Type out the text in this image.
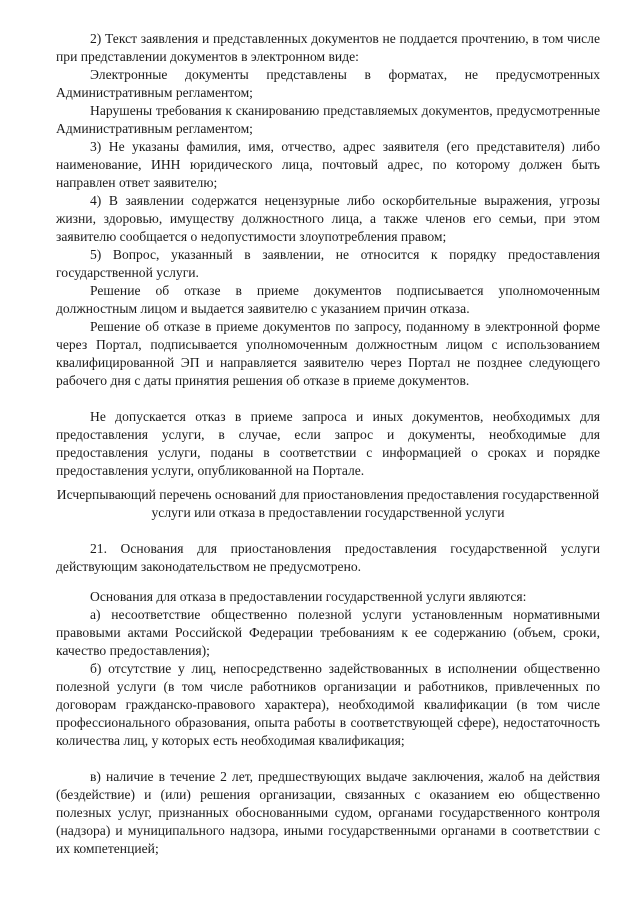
2) Текст заявления и представленных документов не поддается прочтению, в том числе при представлении документов в электронном виде:

Электронные документы представлены в форматах, не предусмотренных Административным регламентом;

Нарушены требования к сканированию представляемых документов, предусмотренные Административным регламентом;

3) Не указаны фамилия, имя, отчество, адрес заявителя (его представителя) либо наименование, ИНН юридического лица, почтовый адрес, по которому должен быть направлен ответ заявителю;

4) В заявлении содержатся нецензурные либо оскорбительные выражения, угрозы жизни, здоровью, имуществу должностного лица, а также членов его семьи, при этом заявителю сообщается о недопустимости злоупотребления правом;

5) Вопрос, указанный в заявлении, не относится к порядку предоставления государственной услуги.

Решение об отказе в приеме документов подписывается уполномоченным должностным лицом и выдается заявителю с указанием причин отказа.

Решение об отказе в приеме документов по запросу, поданному в электронной форме через Портал, подписывается уполномоченным должностным лицом с использованием квалифицированной ЭП и направляется заявителю через Портал не позднее следующего рабочего дня с даты принятия решения об отказе в приеме документов.

Не допускается отказ в приеме запроса и иных документов, необходимых для предоставления услуги, в случае, если запрос и документы, необходимые для предоставления услуги, поданы в соответствии с информацией о сроках и порядке предоставления услуги, опубликованной на Портале.

Исчерпывающий перечень оснований для приостановления предоставления государственной услуги или отказа в предоставлении государственной услуги

21. Основания для приостановления предоставления государственной услуги действующим законодательством не предусмотрено.

Основания для отказа в предоставлении государственной услуги являются:

а) несоответствие общественно полезной услуги установленным нормативными правовыми актами Российской Федерации требованиям к ее содержанию (объем, сроки, качество предоставления);

б) отсутствие у лиц, непосредственно задействованных в исполнении общественно полезной услуги (в том числе работников организации и работников, привлеченных по договорам гражданско-правового характера), необходимой квалификации (в том числе профессионального образования, опыта работы в соответствующей сфере), недостаточность количества лиц, у которых есть необходимая квалификация;

в) наличие в течение 2 лет, предшествующих выдаче заключения, жалоб на действия (бездействие) и (или) решения организации, связанных с оказанием ею общественно полезных услуг, признанных обоснованными судом, органами государственного контроля (надзора) и муниципального надзора, иными государственными органами в соответствии с их компетенцией;
